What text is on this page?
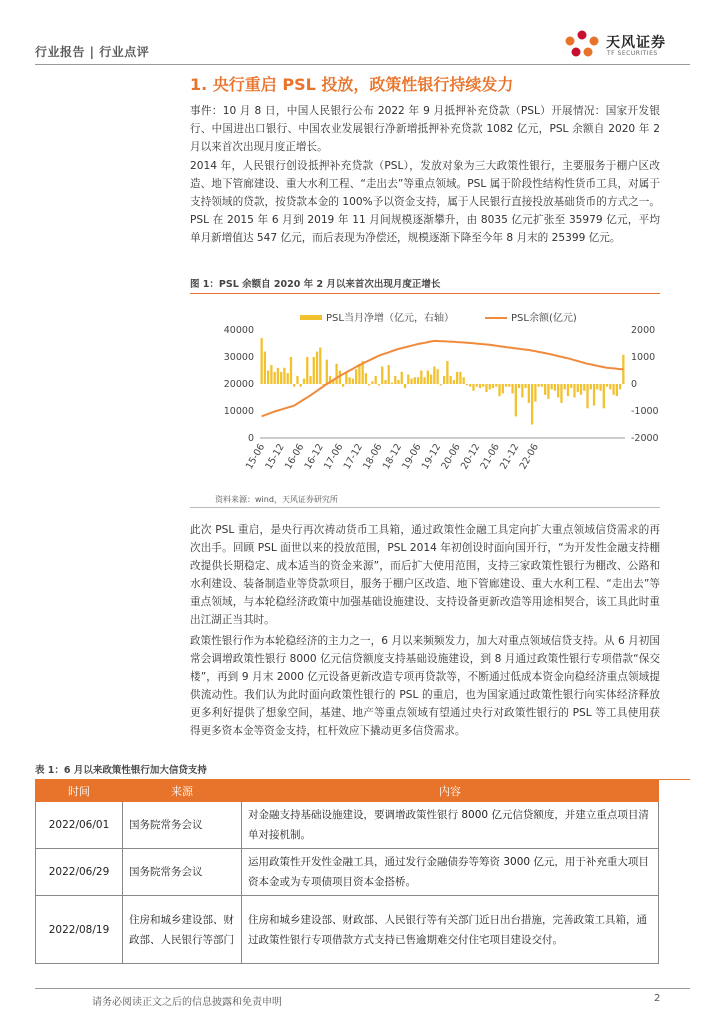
行业报告 | 行业点评
天风证券
TF SECURITIES
1. 央行重启 PSL 投放，政策性银行持续发力
事件：10 月 8 日，中国人民银行公布 2022 年 9 月抵押补充贷款（PSL）开展情况：国家开发银行、中国进出口银行、中国农业发展银行净新增抵押补充贷款 1082 亿元，PSL 余额自 2020 年 2 月以来首次出现月度正增长。
2014 年，人民银行创设抵押补充贷款（PSL），发放对象为三大政策性银行，主要服务于棚户区改造、地下管廊建设、重大水利工程、“走出去”等重点领域。PSL 属于阶段性结构性货币工具，对属于支持领域的贷款，按贷款本金的 100%予以资金支持，属于人民银行直接投放基础货币的方式之一。PSL 在 2015 年 6 月到 2019 年 11 月间规模逐渐攀升，由 8035 亿元扩张至 35979 亿元，平均单月新增值达 547 亿元，而后表现为净偿还，规模逐渐下降至今年 8 月末的 25399 亿元。
图 1：PSL 余额自 2020 年 2 月以来首次出现月度正增长
PSL当月净增（亿元，右轴）	PSL余额(亿元)
40000
30000
20000
10000
0
2000
1000
0
-1000
-2000
15-06
15-12
16-06
16-12
17-06
17-12
18-06
18-12
19-06
19-12
20-06
20-12
21-06
21-12
22-06
资料来源：wind，天风证券研究所
此次 PSL 重启，是央行再次祷动货币工具箱，通过政策性金融工具定向扩大重点领域信贷需求的再次出手。回顾 PSL 面世以来的投放范围，PSL 2014 年初创设时面向国开行，“为开发性金融支持棚改提供长期稳定、成本适当的资金来源”，而后扩大使用范围，支持三家政策性银行为棚改、公路和水利建设、装备制造业等贷款项目，服务于棚户区改造、地下管廊建设、重大水利工程、“走出去”等重点领域，与本轮稳经济政策中加强基础设施建设、支持设备更新改造等用途相契合，该工具此时重出江湖正当其时。
政策性银行作为本轮稳经济的主力之一，6 月以来频频发力，加大对重点领域信贷支持。从 6 月初国常会调增政策性银行 8000 亿元信贷额度支持基础设施建设，到 8 月通过政策性银行专项借款“保交楼”，再到 9 月末 2000 亿元设备更新改造专项再贷款等，不断通过低成本资金向稳经济重点领域提供流动性。我们认为此时面向政策性银行的 PSL 的重启，也为国家通过政策性银行向实体经济释放更多利好提供了想象空间，基建、地产等重点领域有望通过央行对政策性银行的 PSL 等工具使用获得更多资本金等资金支持，杠杆效应下撬动更多信贷需求。
表 1：6 月以来政策性银行加大信贷支持
时间	来源	内容
2022/06/01	国务院常务会议	对金融支持基础设施建设，要调增政策性银行 8000 亿元信贷额度，并建立重点项目清单对接机制。
2022/06/29	国务院常务会议	运用政策性开发性金融工具，通过发行金融债券等筹资 3000 亿元，用于补充重大项目资本金或为专项债项目资本金搭桥。
2022/08/19	住房和城乡建设部、财政部、人民银行等部门	住房和城乡建设部、财政部、人民银行等有关部门近日出台措施，完善政策工具箱，通过政策性银行专项借款方式支持已售逾期难交付住宅项目建设交付。
请务必阅读正文之后的信息披露和免责申明	2
